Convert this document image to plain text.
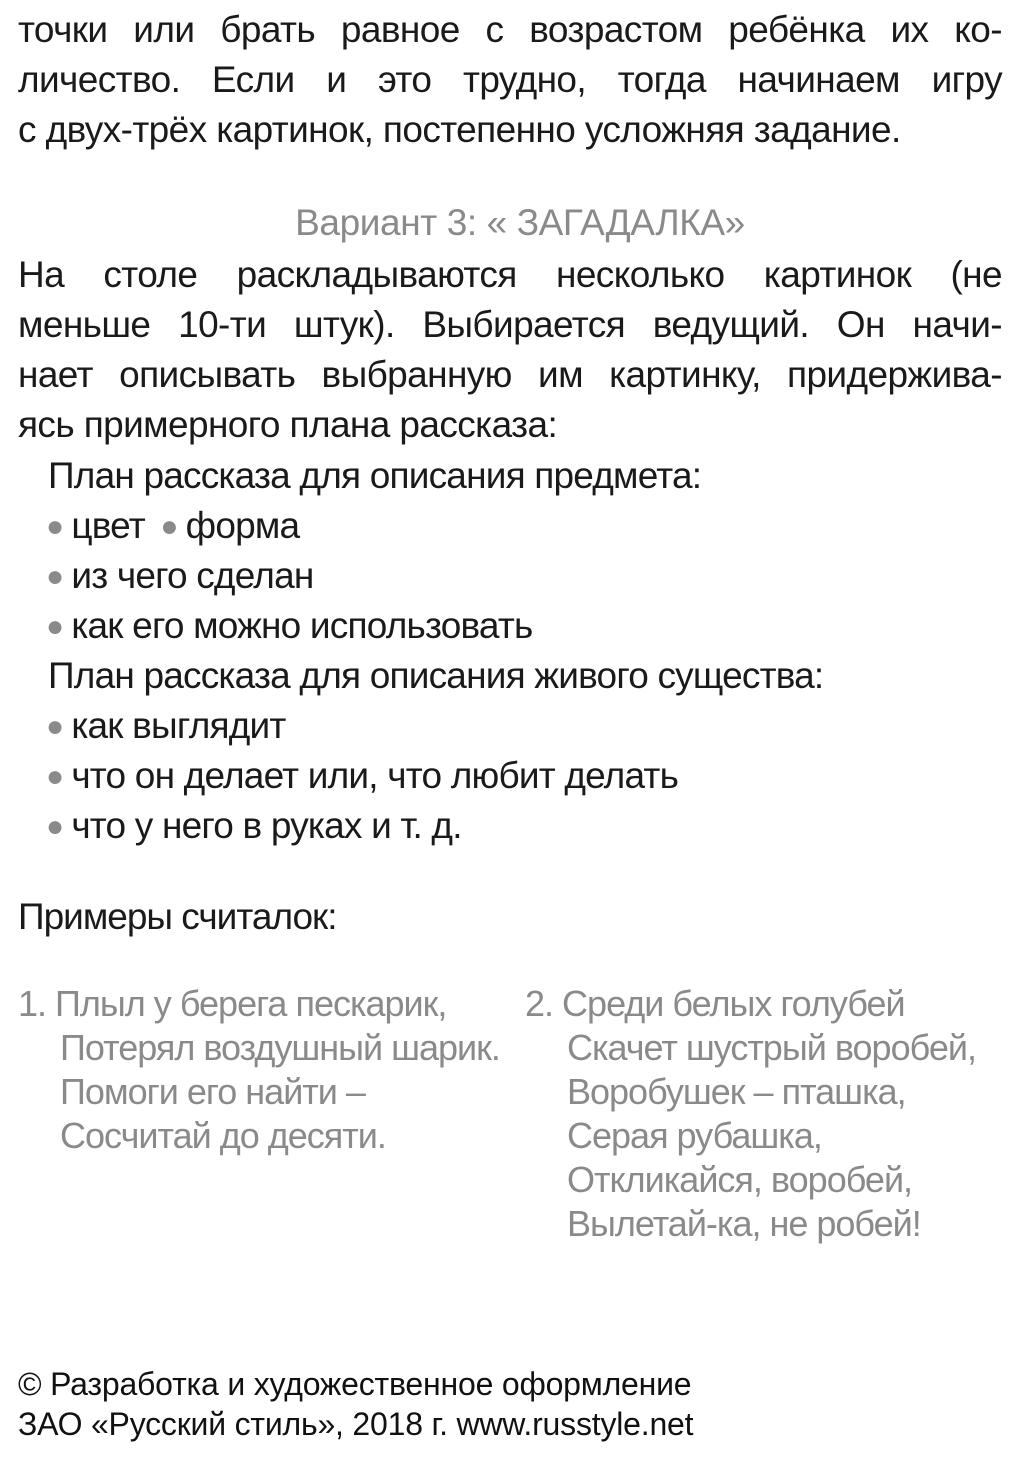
точки или брать равное с возрастом ребёнка их ко-
личество. Если и это трудно, тогда начинаем игру
с двух-трёх картинок, постепенно усложняя задание.
Вариант 3: « ЗАГАДАЛКА»
На столе раскладываются несколько картинок (не
меньше 10-ти штук). Выбирается ведущий. Он начи-
нает описывать выбранную им картинку, придержива-
ясь примерного плана рассказа:
План рассказа для описания предмета:
● цвет ● форма
● из чего сделан
● как его можно использовать
План рассказа для описания живого существа:
● как выглядит
● что он делает или, что любит делать
● что у него в руках и т. д.
Примеры считалок:
1. Плыл у берега пескарик,
Потерял воздушный шарик.
Помоги его найти –
Сосчитай до десяти.
2. Среди белых голубей
Скачет шустрый воробей,
Воробушек – пташка,
Серая рубашка,
Откликайся, воробей,
Вылетай-ка, не робей!
© Разработка и художественное оформление
ЗАО «Русский стиль», 2018 г. www.russtyle.net
